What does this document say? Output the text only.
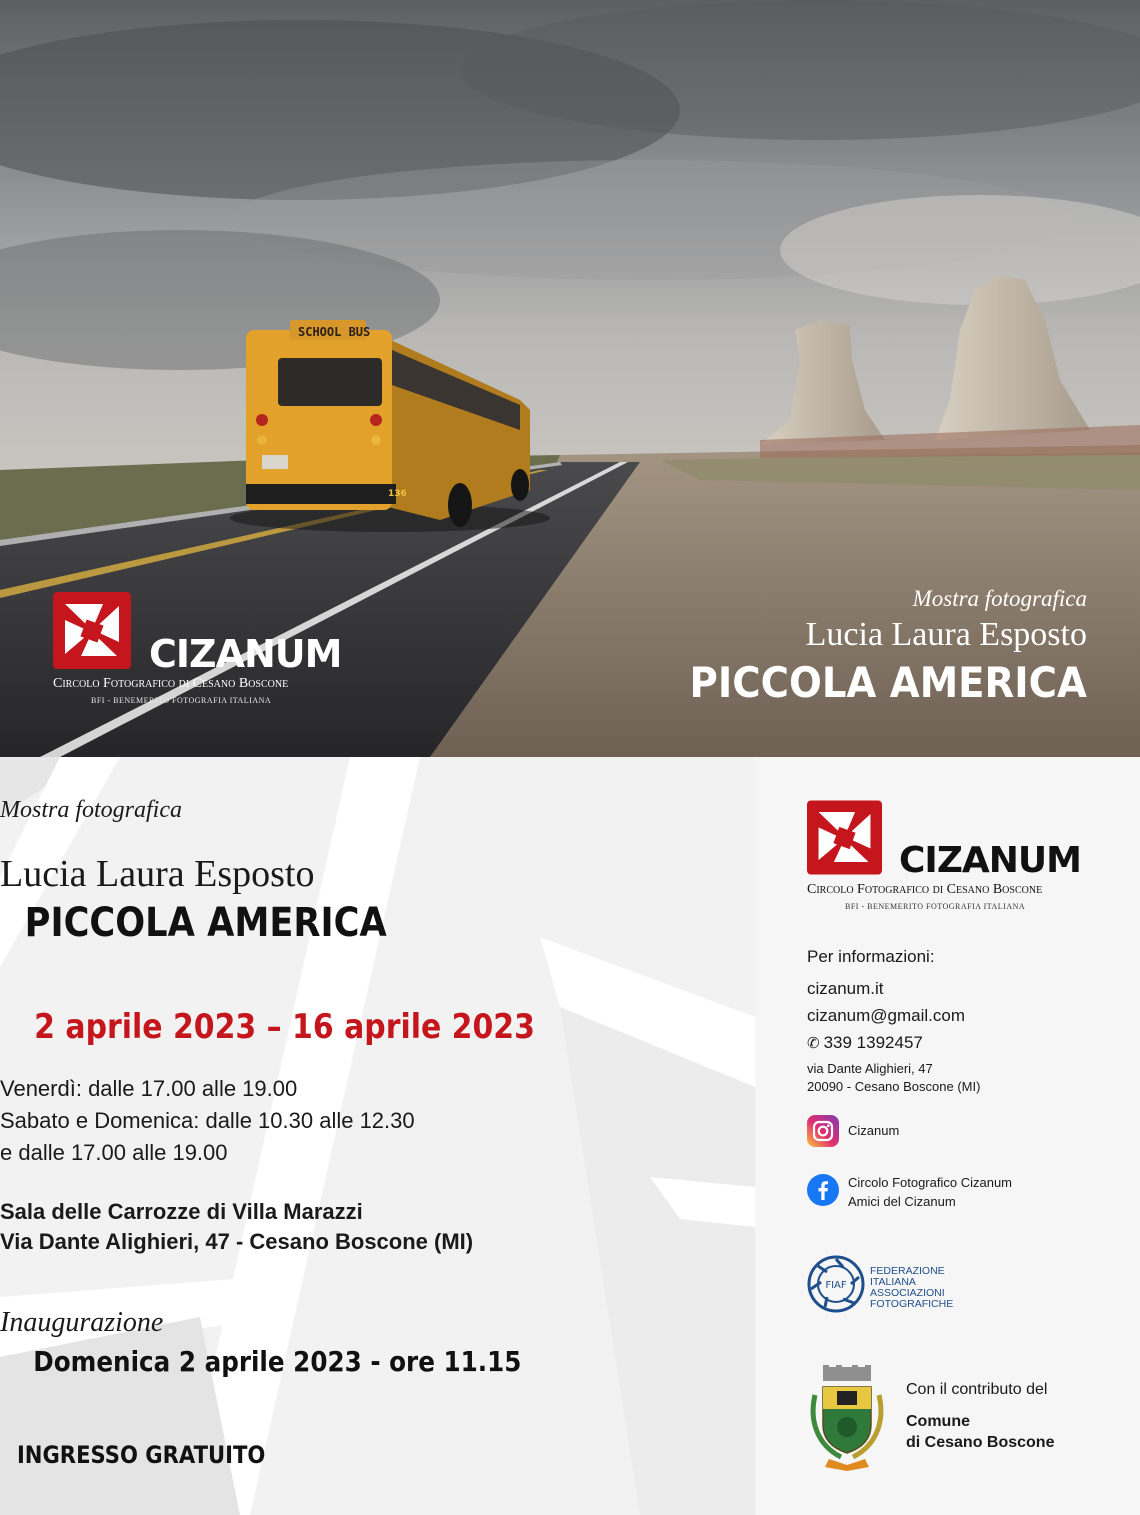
SCHOOL BUS
136
CIZANUM
Circolo Fotografico di Cesano Boscone
BFI - BENEMERITO FOTOGRAFIA ITALIANA
Mostra fotografica
Lucia Laura Esposto
PICCOLA AMERICA
Mostra fotografica
Lucia Laura Esposto
PICCOLA AMERICA
2 aprile 2023 – 16 aprile 2023
Venerdì: dalle 17.00 alle 19.00
Sabato e Domenica: dalle 10.30 alle 12.30
e dalle 17.00 alle 19.00
Sala delle Carrozze di Villa Marazzi
Via Dante Alighieri, 47 - Cesano Boscone (MI)
Inaugurazione
Domenica 2 aprile 2023 - ore 11.15
INGRESSO GRATUITO
CIZANUM
Circolo Fotografico di Cesano Boscone
BFI - BENEMERITO FOTOGRAFIA ITALIANA
Per informazioni:
cizanum.it
cizanum@gmail.com
✆ 339 1392457
via Dante Alighieri, 47
20090 - Cesano Boscone (MI)
Cizanum
Circolo Fotografico Cizanum
Amici del Cizanum
FIAF
FEDERAZIONE
ITALIANA
ASSOCIAZIONI
FOTOGRAFICHE
Con il contributo del
Comune
di Cesano Boscone
